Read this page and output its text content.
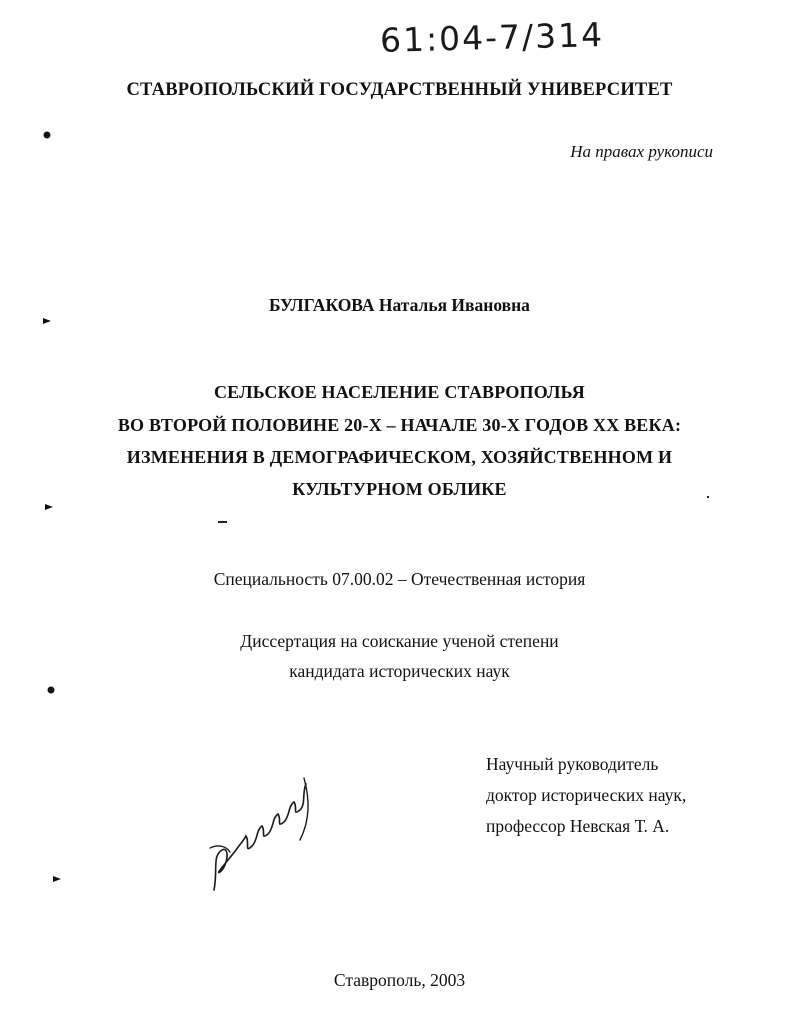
61:04-7/314
СТАВРОПОЛЬСКИЙ ГОСУДАРСТВЕННЫЙ УНИВЕРСИТЕТ
На правах рукописи
БУЛГАКОВА Наталья Ивановна
СЕЛЬСКОЕ НАСЕЛЕНИЕ СТАВРОПОЛЬЯ
ВО ВТОРОЙ ПОЛОВИНЕ 20-Х – НАЧАЛЕ 30-Х ГОДОВ XX ВЕКА:
ИЗМЕНЕНИЯ В ДЕМОГРАФИЧЕСКОМ, ХОЗЯЙСТВЕННОМ И
КУЛЬТУРНОМ ОБЛИКЕ
Специальность 07.00.02 – Отечественная история
Диссертация на соискание ученой степени
кандидата исторических наук
Научный руководитель
доктор исторических наук,
профессор Невская Т. А.
Ставрополь, 2003
